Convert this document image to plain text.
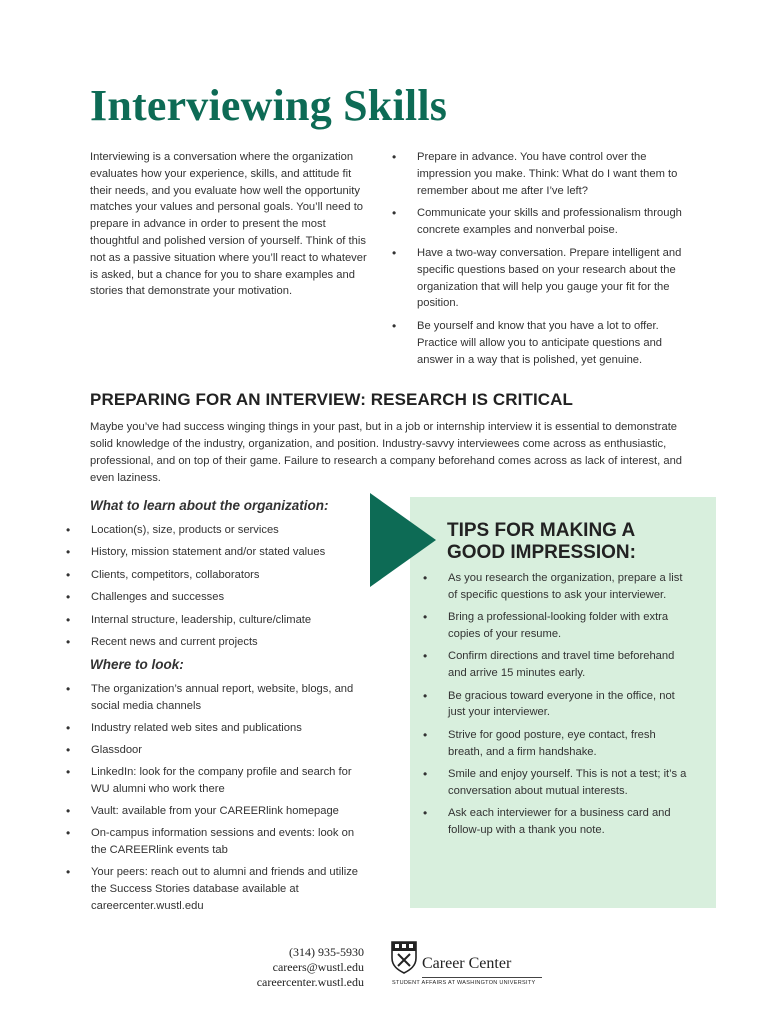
Interviewing Skills

Interviewing is a conversation where the organization evaluates how your experience, skills, and attitude fit their needs, and you evaluate how well the opportunity matches your values and personal goals. You’ll need to prepare in advance in order to present the most thoughtful and polished version of yourself. Think of this not as a passive situation where you’ll react to whatever is asked, but a chance for you to share examples and stories that demonstrate your motivation.

• Prepare in advance. You have control over the impression you make. Think: What do I want them to remember about me after I’ve left?
• Communicate your skills and professionalism through concrete examples and nonverbal poise.
• Have a two-way conversation. Prepare intelligent and specific questions based on your research about the organization that will help you gauge your fit for the position.
• Be yourself and know that you have a lot to offer. Practice will allow you to anticipate questions and answer in a way that is polished, yet genuine.
PREPARING FOR AN INTERVIEW: RESEARCH IS CRITICAL

Maybe you’ve had success winging things in your past, but in a job or internship interview it is essential to demonstrate solid knowledge of the industry, organization, and position. Industry-savvy interviewees come across as enthusiastic, professional, and on top of their game. Failure to research a company beforehand comes across as lack of interest, and even laziness.

What to learn about the organization:
• Location(s), size, products or services
• History, mission statement and/or stated values
• Clients, competitors, collaborators
• Challenges and successes
• Internal structure, leadership, culture/climate
• Recent news and current projects
Where to look:
• The organization’s annual report, website, blogs, and social media channels
• Industry related web sites and publications
• Glassdoor
• LinkedIn: look for the company profile and search for WU alumni who work there
• Vault: available from your CAREERlink homepage
• On-campus information sessions and events: look on the CAREERlink events tab
• Your peers: reach out to alumni and friends and utilize the Success Stories database available at careercenter.wustl.edu
TIPS FOR MAKING A GOOD IMPRESSION:
• As you research the organization, prepare a list of specific questions to ask your interviewer.
• Bring a professional-looking folder with extra copies of your resume.
• Confirm directions and travel time beforehand and arrive 15 minutes early.
• Be gracious toward everyone in the office, not just your interviewer.
• Strive for good posture, eye contact, fresh breath, and a firm handshake.
• Smile and enjoy yourself. This is not a test; it’s a conversation about mutual interests.
• Ask each interviewer for a business card and follow-up with a thank you note.
(314) 935-5930
careers@wustl.edu
careercenter.wustl.edu
Career Center
STUDENT AFFAIRS AT WASHINGTON UNIVERSITY
